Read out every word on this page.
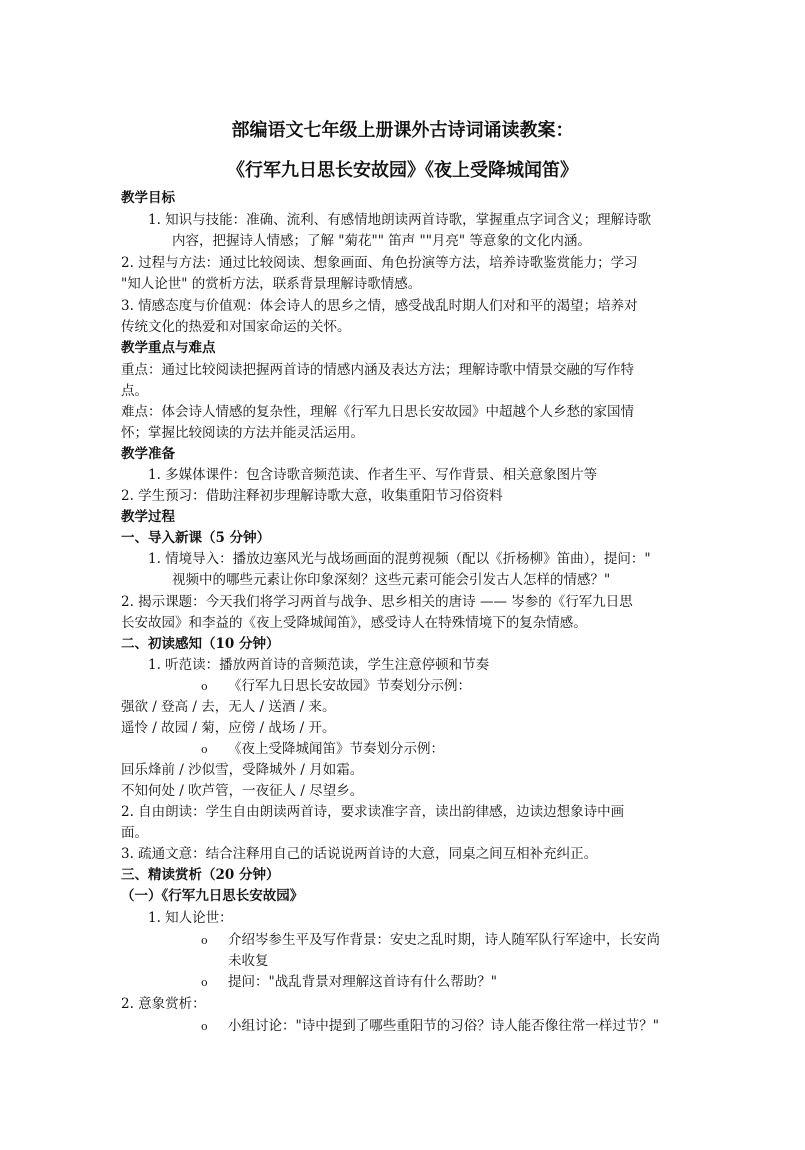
部编语文七年级上册课外古诗词诵读教案：
《行军九日思长安故园》《夜上受降城闻笛》
教学目标
1. 知识与技能：准确、流利、有感情地朗读两首诗歌，掌握重点字词含义；理解诗歌
内容，把握诗人情感；了解 "菊花"" 笛声 ""月亮" 等意象的文化内涵。
2. 过程与方法：通过比较阅读、想象画面、角色扮演等方法，培养诗歌鉴赏能力；学习
"知人论世" 的赏析方法，联系背景理解诗歌情感。
3. 情感态度与价值观：体会诗人的思乡之情，感受战乱时期人们对和平的渴望；培养对
传统文化的热爱和对国家命运的关怀。
教学重点与难点
重点：通过比较阅读把握两首诗的情感内涵及表达方法；理解诗歌中情景交融的写作特
点。
难点：体会诗人情感的复杂性，理解《行军九日思长安故园》中超越个人乡愁的家国情
怀；掌握比较阅读的方法并能灵活运用。
教学准备
1. 多媒体课件：包含诗歌音频范读、作者生平、写作背景、相关意象图片等
2. 学生预习：借助注释初步理解诗歌大意，收集重阳节习俗资料
教学过程
一、导入新课（5 分钟）
1. 情境导入：播放边塞风光与战场画面的混剪视频（配以《折杨柳》笛曲），提问："
视频中的哪些元素让你印象深刻？这些元素可能会引发古人怎样的情感？"
2. 揭示课题：今天我们将学习两首与战争、思乡相关的唐诗 —— 岑参的《行军九日思
长安故园》和李益的《夜上受降城闻笛》，感受诗人在特殊情境下的复杂情感。
二、初读感知（10 分钟）
1. 听范读：播放两首诗的音频范读，学生注意停顿和节奏
o 《行军九日思长安故园》节奏划分示例：
强欲 / 登高 / 去，无人 / 送酒 / 来。
遥怜 / 故园 / 菊，应傍 / 战场 / 开。
o 《夜上受降城闻笛》节奏划分示例：
回乐烽前 / 沙似雪，受降城外 / 月如霜。
不知何处 / 吹芦管，一夜征人 / 尽望乡。
2. 自由朗读：学生自由朗读两首诗，要求读准字音，读出韵律感，边读边想象诗中画
面。
3. 疏通文意：结合注释用自己的话说说两首诗的大意，同桌之间互相补充纠正。
三、精读赏析（20 分钟）
（一）《行军九日思长安故园》
1. 知人论世：
o 介绍岑参生平及写作背景：安史之乱时期，诗人随军队行军途中，长安尚
未收复
o 提问："战乱背景对理解这首诗有什么帮助？"
2. 意象赏析：
o 小组讨论："诗中提到了哪些重阳节的习俗？诗人能否像往常一样过节？"
